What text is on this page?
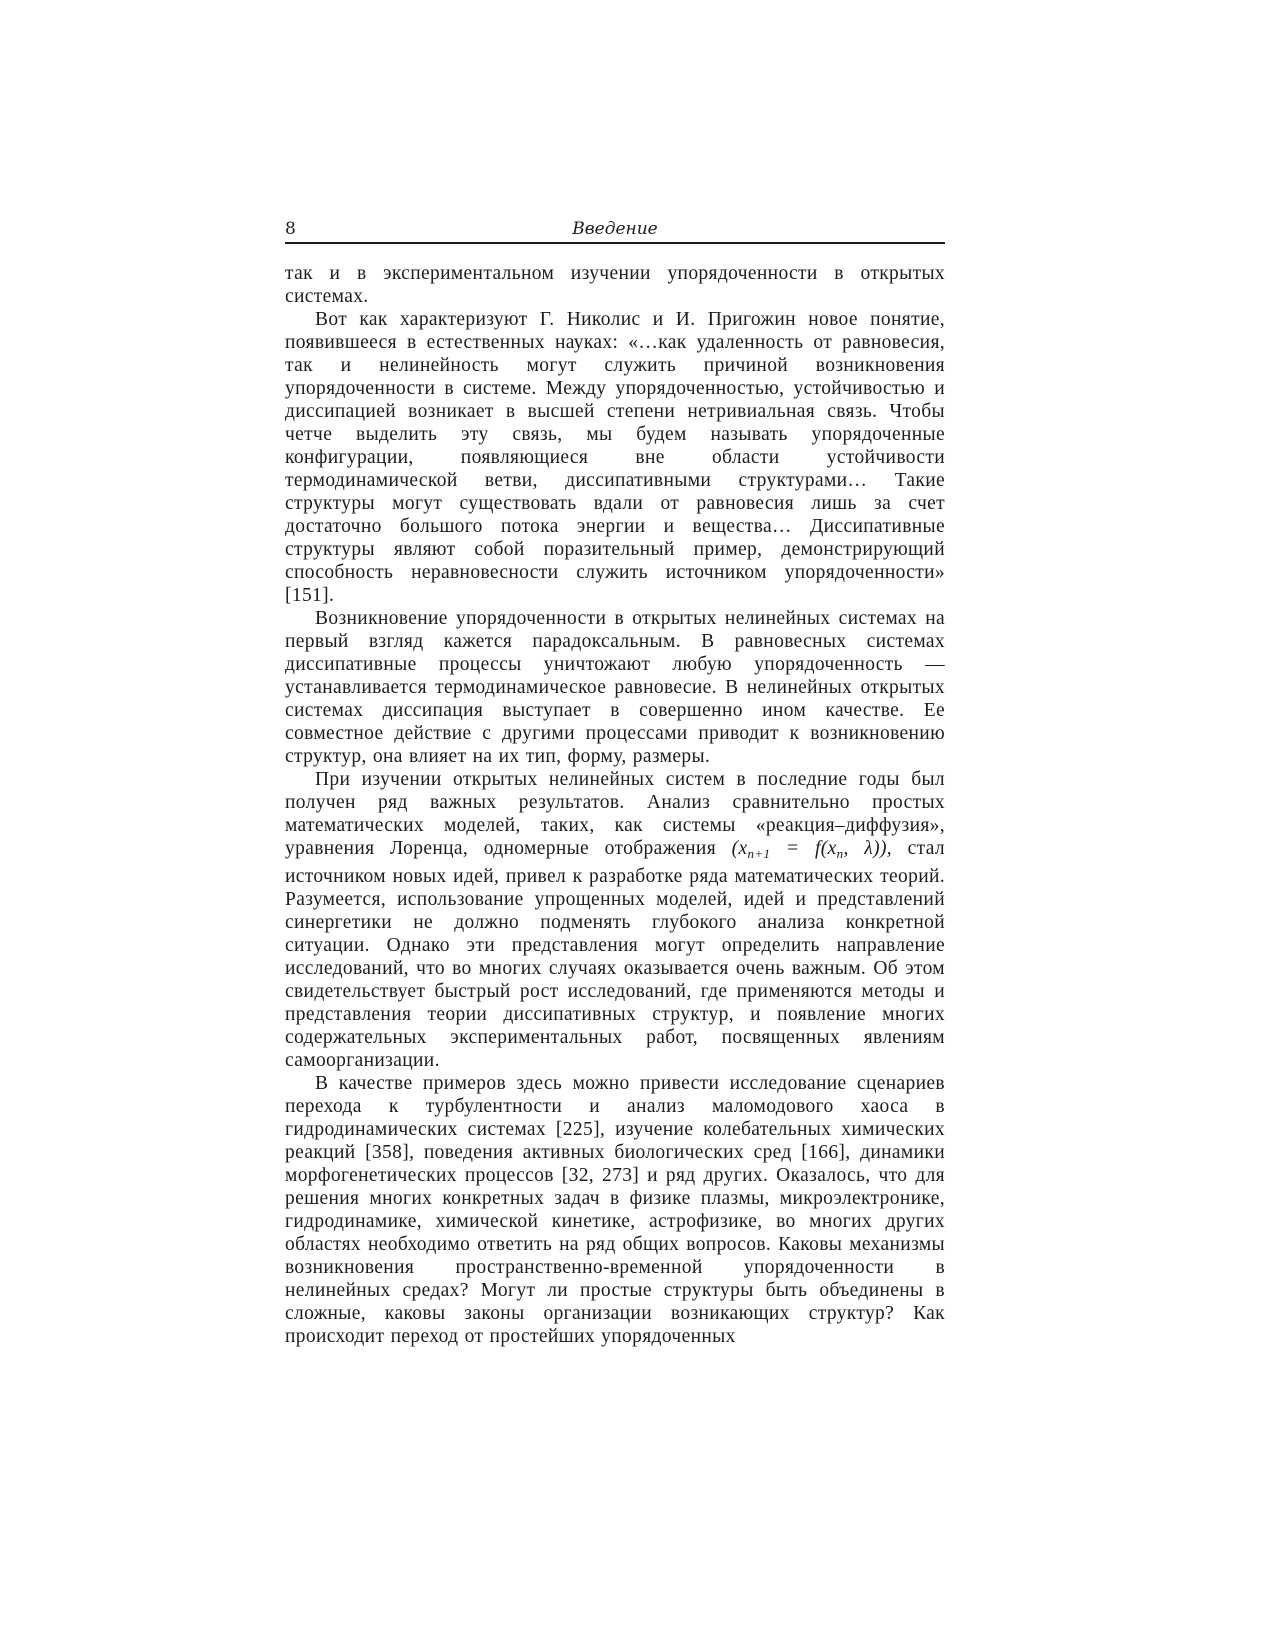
8	Введение

так и в экспериментальном изучении упорядоченности в открытых системах.

Вот как характеризуют Г. Николис и И. Пригожин новое понятие, появившееся в естественных науках: «…как удаленность от равновесия, так и нелинейность могут служить причиной возникновения упорядоченности в системе. Между упорядоченностью, устойчивостью и диссипацией возникает в высшей степени нетривиальная связь. Чтобы четче выделить эту связь, мы будем называть упорядоченные конфигурации, появляющиеся вне области устойчивости термодинамической ветви, диссипативными структурами… Такие структуры могут существовать вдали от равновесия лишь за счет достаточно большого потока энергии и вещества… Диссипативные структуры являют собой поразительный пример, демонстрирующий способность неравновесности служить источником упорядоченности» [151].

Возникновение упорядоченности в открытых нелинейных системах на первый взгляд кажется парадоксальным. В равновесных системах диссипативные процессы уничтожают любую упорядоченность — устанавливается термодинамическое равновесие. В нелинейных открытых системах диссипация выступает в совершенно ином качестве. Ее совместное действие с другими процессами приводит к возникновению структур, она влияет на их тип, форму, размеры.

При изучении открытых нелинейных систем в последние годы был получен ряд важных результатов. Анализ сравнительно простых математических моделей, таких, как системы «реакция–диффузия», уравнения Лоренца, одномерные отображения ($x_{n+1} = f(x_n$, λ)), стал источником новых идей, привел к разработке ряда математических теорий. Разумеется, использование упрощенных моделей, идей и представлений синергетики не должно подменять глубокого анализа конкретной ситуации. Однако эти представления могут определить направление исследований, что во многих случаях оказывается очень важным. Об этом свидетельствует быстрый рост исследований, где применяются методы и представления теории диссипативных структур, и появление многих содержательных экспериментальных работ, посвященных явлениям самоорганизации.

В качестве примеров здесь можно привести исследование сценариев перехода к турбулентности и анализ маломодового хаоса в гидродинамических системах [225], изучение колебательных химических реакций [358], поведения активных биологических сред [166], динамики морфогенетических процессов [32, 273] и ряд других. Оказалось, что для решения многих конкретных задач в физике плазмы, микроэлектронике, гидродинамике, химической кинетике, астрофизике, во многих других областях необходимо ответить на ряд общих вопросов. Каковы механизмы возникновения пространственно-временной упорядоченности в нелинейных средах? Могут ли простые структуры быть объединены в сложные, каковы законы организации возникающих структур? Как происходит переход от простейших упорядоченных
